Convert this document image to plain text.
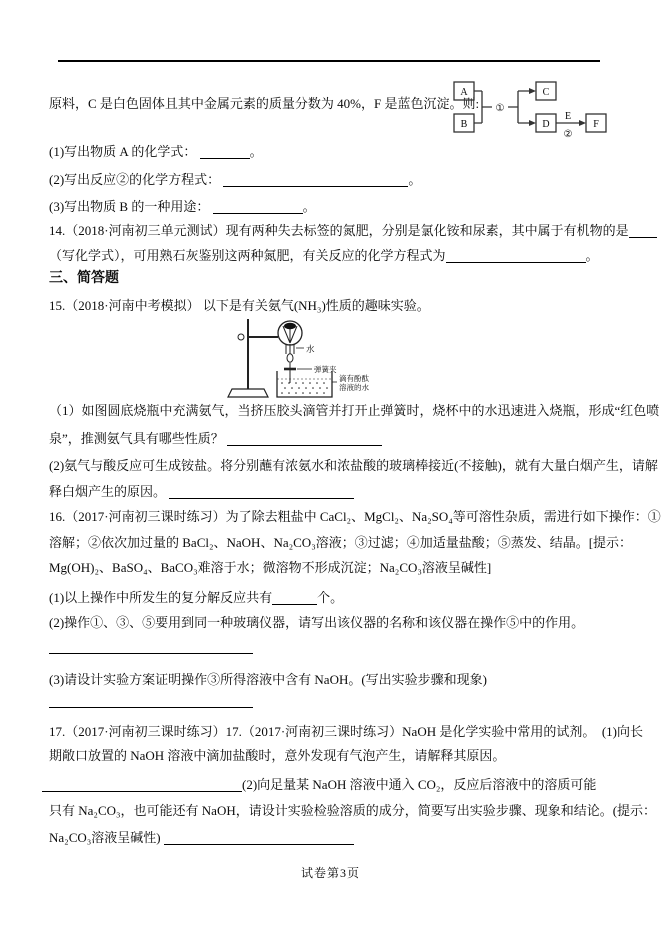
原料，C 是白色固体且其中金属元素的质量分数为 40%，F 是蓝色沉淀。则:
A
B
C
D	F
①
E
②
(1)写出物质 A 的化学式：	。
(2)写出反应②的化学方程式：	。
(3)写出物质 B 的一种用途：	。
14.（2018·河南初三单元测试）现有两种失去标签的氮肥，分别是氯化铵和尿素，其中属于有机物的是
（写化学式），可用熟石灰鉴别这两种氮肥，有关反应的化学方程式为	。
三、简答题
15.（2018·河南中考模拟） 以下是有关氨气(NH₃)性质的趣味实验。
水
弹簧夹
滴有酚酞
溶液的水
（1）如图圆底烧瓶中充满氨气，当挤压胶头滴管并打开止弹簧时，烧杯中的水迅速进入烧瓶，形成“红色喷
泉”，推测氨气具有哪些性质？
(2)氨气与酸反应可生成铵盐。将分别蘸有浓氨水和浓盐酸的玻璃棒接近(不接触)，就有大量白烟产生，请解
释白烟产生的原因。
16.（2017·河南初三课时练习）为了除去粗盐中 CaCl₂、MgCl₂、Na₂SO₄等可溶性杂质，需进行如下操作：①
溶解；②依次加过量的 BaCl₂、NaOH、Na₂CO₃溶液；③过滤；④加适量盐酸；⑤蒸发、结晶。[提示：
Mg(OH)₂、BaSO₄、BaCO₃难溶于水；微溶物不形成沉淀；Na₂CO₃溶液呈碱性]
(1)以上操作中所发生的复分解反应共有	个。
(2)操作①、③、⑤要用到同一种玻璃仪器，请写出该仪器的名称和该仪器在操作⑤中的作用。
(3)请设计实验方案证明操作③所得溶液中含有 NaOH。(写出实验步骤和现象)
17.（2017·河南初三课时练习）17.（2017·河南初三课时练习）NaOH 是化学实验中常用的试剂。  (1)向长
期敞口放置的 NaOH 溶液中滴加盐酸时，意外发现有气泡产生，请解释其原因。
(2)向足量某 NaOH 溶液中通入 CO₂，反应后溶液中的溶质可能
只有 Na₂CO₃，也可能还有 NaOH，请设计实验检验溶质的成分，简要写出实验步骤、现象和结论。(提示：
Na₂CO₃溶液呈碱性)
试卷第3页
